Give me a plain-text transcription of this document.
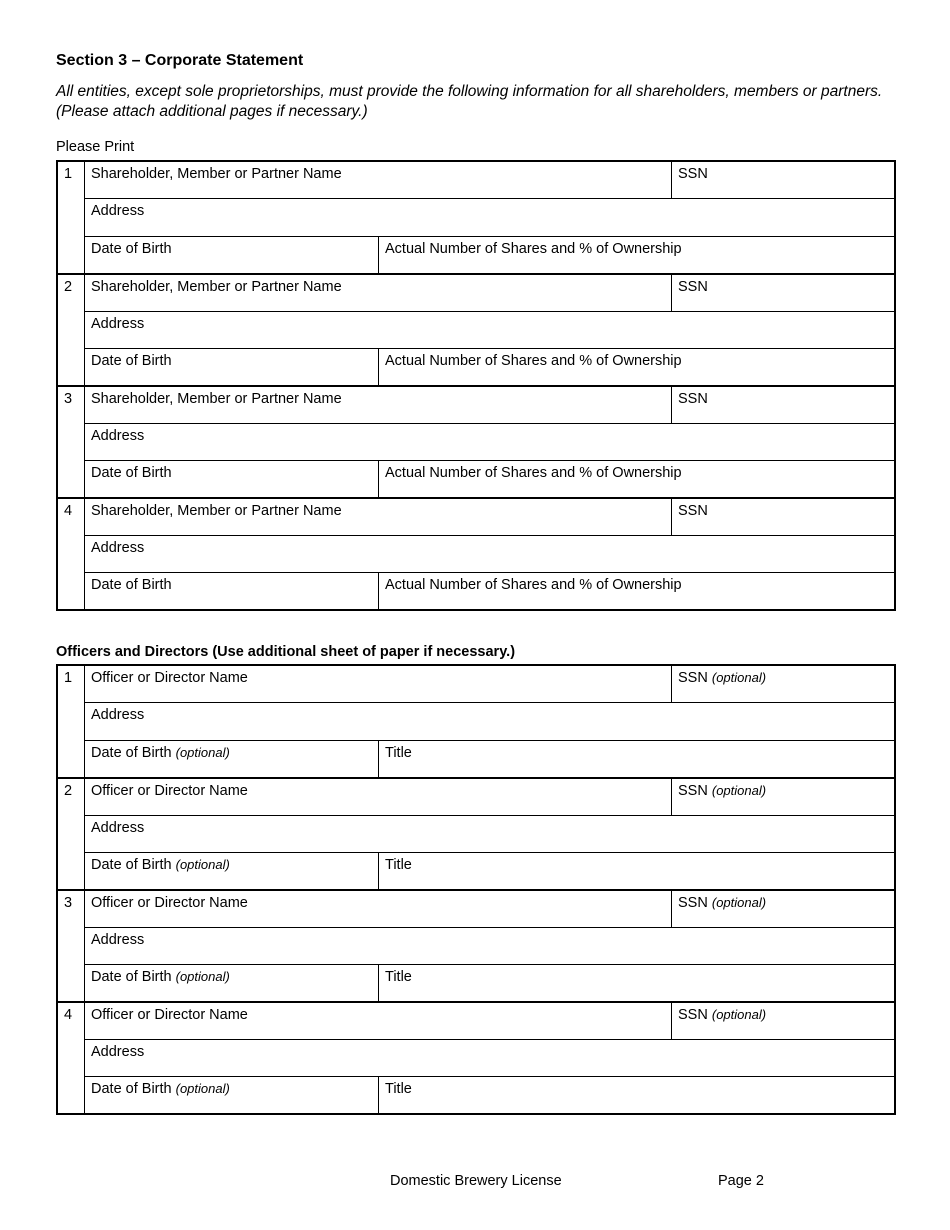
Section 3 – Corporate Statement
All entities, except sole proprietorships, must provide the following information for all shareholders, members or partners. (Please attach additional pages if necessary.)
Please Print
1	Shareholder, Member or Partner Name	SSN
Address
Date of Birth	Actual Number of Shares and % of Ownership
2	Shareholder, Member or Partner Name	SSN
Address
Date of Birth	Actual Number of Shares and % of Ownership
3	Shareholder, Member or Partner Name	SSN
Address
Date of Birth	Actual Number of Shares and % of Ownership
4	Shareholder, Member or Partner Name	SSN
Address
Date of Birth	Actual Number of Shares and % of Ownership
Officers and Directors (Use additional sheet of paper if necessary.)
1	Officer or Director Name	SSN (optional)
Address
Date of Birth (optional)	Title
2	Officer or Director Name	SSN (optional)
Address
Date of Birth (optional)	Title
3	Officer or Director Name	SSN (optional)
Address
Date of Birth (optional)	Title
4	Officer or Director Name	SSN (optional)
Address
Date of Birth (optional)	Title
Domestic Brewery License	Page 2
